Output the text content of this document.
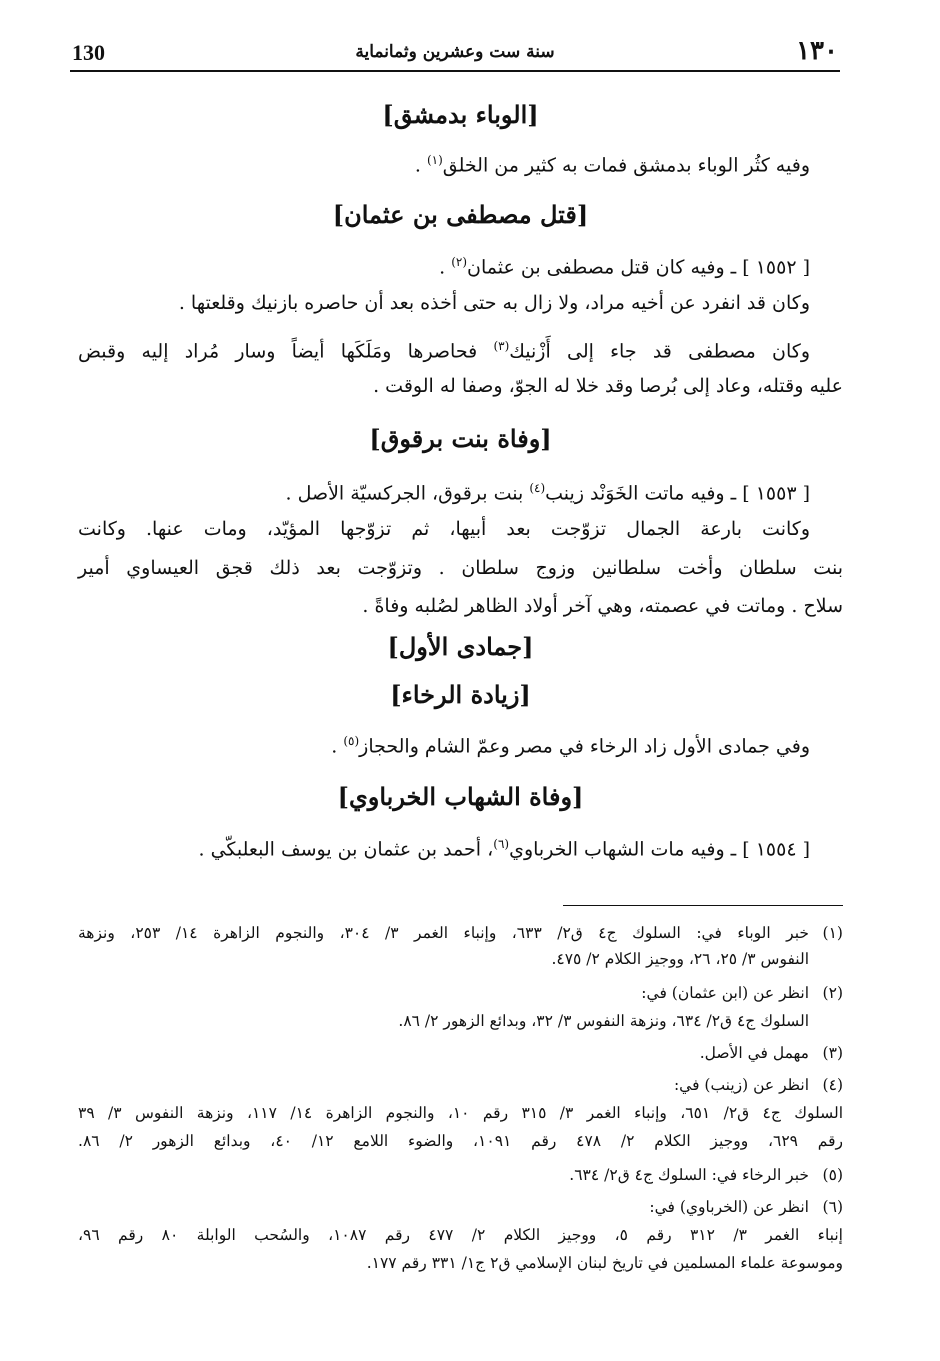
130	سنة ست وعشرين وثمانماية	١٣٠
[الوباء بدمشق]
وفيه كثُر الوباء بدمشق فمات به كثير من الخلق$^{(١)}$ .
[قتل مصطفى بن عثمان]
[ ١٥٥٢ ] ـ وفيه كان قتل مصطفى بن عثمان$^{(٢)}$ .
وكان قد انفرد عن أخيه مراد، ولا زال به حتى أخذه بعد أن حاصره بازنيك وقلعتها .
وكان مصطفى قد جاء إلى أَزْنيك$^{(٣)}$ فحاصرها ومَلَكَها أيضاً وسار مُراد إليه وقبض
عليه وقتله، وعاد إلى بُرصا وقد خلا له الجوّ، وصفا له الوقت .
[وفاة بنت برقوق]
[ ١٥٥٣ ] ـ وفيه ماتت الخَوَنْد زينب$^{(٤)}$ بنت برقوق، الجركسيّة الأصل .
وكانت بارعة الجمال تزوّجت بعد أبيها، ثم تزوّجها المؤيّد، ومات عنها. وكانت
بنت سلطان وأخت سلطانين وزوج سلطان . وتزوّجت بعد ذلك قجق العيساوي أمير
سلاح . وماتت في عصمته، وهي آخر أولاد الظاهر لصُلبه وفاةً .
[جمادى الأول]
[زيادة الرخاء]
وفي جمادى الأول زاد الرخاء في مصر وعمّ الشام والحجاز$^{(٥)}$ .
[وفاة الشهاب الخرباوي]
[ ١٥٥٤ ] ـ وفيه مات الشهاب الخرباوي$^{(٦)}$، أحمد بن عثمان بن يوسف البعلبكّي .
(١)خبر الوباء في: السلوك ج٤ ق٢/ ٦٣٣، وإنباء الغمر ٣/ ٣٠٤، والنجوم الزاهرة ١٤/ ٢٥٣، ونزهة
النفوس ٣/ ٢٥، ٢٦، ووجيز الكلام ٢/ ٤٧٥.
(٢)انظر عن (ابن عثمان) في:
السلوك ج٤ ق٢/ ٦٣٤، ونزهة النفوس ٣/ ٣٢، وبدائع الزهور ٢/ ٨٦.
(٣)مهمل في الأصل.
(٤)انظر عن (زينب) في:
السلوك ج٤ ق٢/ ٦٥١، وإنباء الغمر ٣/ ٣١٥ رقم ١٠، والنجوم الزاهرة ١٤/ ١١٧، ونزهة النفوس ٣/ ٣٩
رقم ٦٢٩، ووجيز الكلام ٢/ ٤٧٨ رقم ١٠٩١، والضوء اللامع ١٢/ ٤٠، وبدائع الزهور ٢/ ٨٦.
(٥)خبر الرخاء في: السلوك ج٤ ق٢/ ٦٣٤.
(٦)انظر عن (الخرباوي) في:
إنباء الغمر ٣/ ٣١٢ رقم ٥، ووجيز الكلام ٢/ ٤٧٧ رقم ١٠٨٧، والسُحب الوابلة ٨٠ رقم ٩٦،
وموسوعة علماء المسلمين في تاريخ لبنان الإسلامي ق٢ ج١/ ٣٣١ رقم ١٧٧.
